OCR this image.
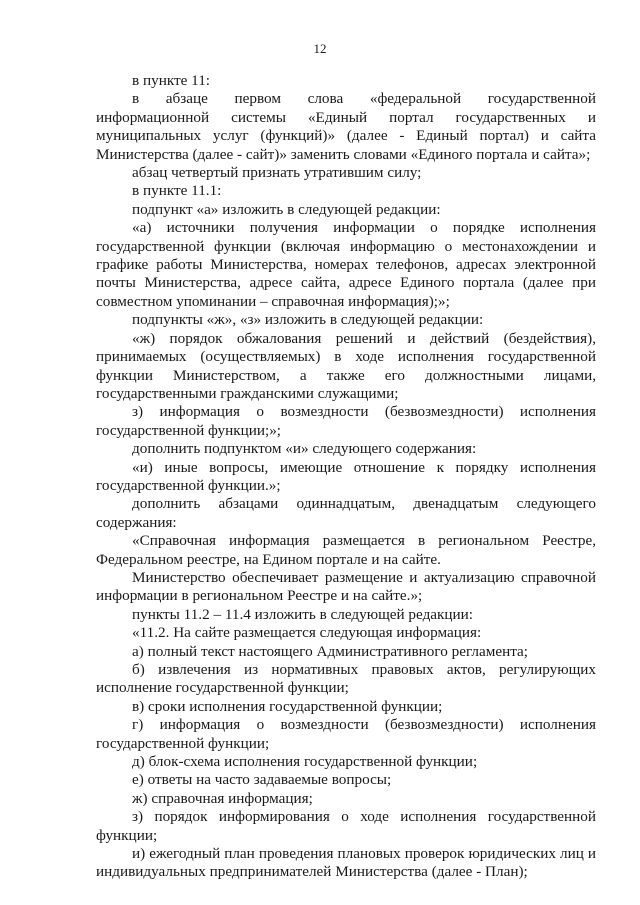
12

в пункте 11:

в абзаце первом слова «федеральной государственной информационной системы «Единый портал государственных и муниципальных услуг (функций)» (далее - Единый портал) и сайта Министерства (далее - сайт)» заменить словами «Единого портала и сайта»;

абзац четвертый признать утратившим силу;

в пункте 11.1:

подпункт «а» изложить в следующей редакции:

«а) источники получения информации о порядке исполнения государственной функции (включая информацию о местонахождении и графике работы Министерства, номерах телефонов, адресах электронной почты Министерства, адресе сайта, адресе Единого портала (далее при совместном упоминании – справочная информация);»;

подпункты «ж», «з» изложить в следующей редакции:

«ж) порядок обжалования решений и действий (бездействия), принимаемых (осуществляемых) в ходе исполнения государственной функции Министерством, а также его должностными лицами, государственными гражданскими служащими;

з) информация о возмездности (безвозмездности) исполнения государственной функции;»;

дополнить подпунктом «и» следующего содержания:

«и) иные вопросы, имеющие отношение к порядку исполнения государственной функции.»;

дополнить абзацами одиннадцатым, двенадцатым следующего содержания:

«Справочная информация размещается в региональном Реестре, Федеральном реестре, на Едином портале и на сайте.

Министерство обеспечивает размещение и актуализацию справочной информации в региональном Реестре и на сайте.»;

пункты 11.2 – 11.4 изложить в следующей редакции:

«11.2. На сайте размещается следующая информация:

а) полный текст настоящего Административного регламента;

б) извлечения из нормативных правовых актов, регулирующих исполнение государственной функции;

в) сроки исполнения государственной функции;

г) информация о возмездности (безвозмездности) исполнения государственной функции;

д) блок-схема исполнения государственной функции;

е) ответы на часто задаваемые вопросы;

ж) справочная информация;

з) порядок информирования о ходе исполнения государственной функции;

и) ежегодный план проведения плановых проверок юридических лиц и индивидуальных предпринимателей Министерства (далее - План);
